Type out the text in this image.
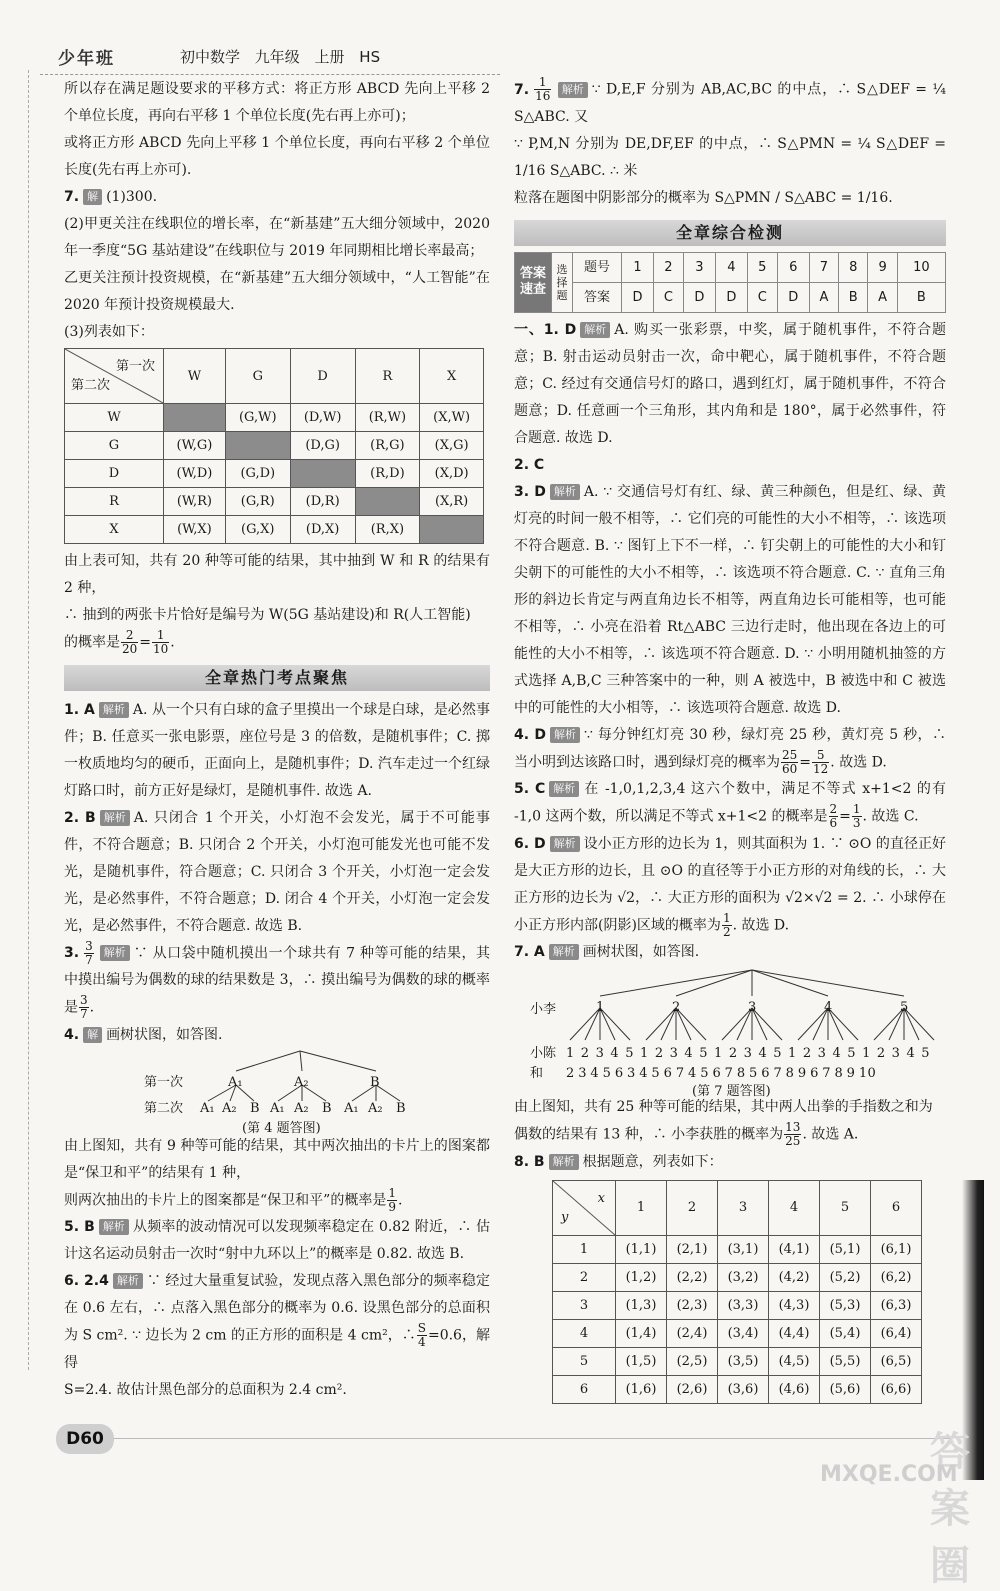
少年班	初中数学 九年级 上册 HS

所以存在满足题设要求的平移方式：将正方形 ABCD 先向上平移 2 个单位长度，再向右平移 1 个单位长度(先右再上亦可)；

或将正方形 ABCD 先向上平移 1 个单位长度，再向右平移 2 个单位长度(先右再上亦可).

7. 解 (1)300.

(2)甲更关注在线职位的增长率，在“新基建”五大细分领域中，2020 年一季度“5G 基站建设”在线职位与 2019 年同期相比增长率最高；

乙更关注预计投资规模，在“新基建”五大细分领域中，“人工智能”在 2020 年预计投资规模最大.

(3)列表如下：

第一次
第二次	W	G	D	R	X
W		(G,W)	(D,W)	(R,W)	(X,W)
G	(W,G)		(D,G)	(R,G)	(X,G)
D	(W,D)	(G,D)		(R,D)	(X,D)
R	(W,R)	(G,R)	(D,R)		(X,R)
X	(W,X)	(G,X)	(D,X)	(R,X)	

由上表可知，共有 20 种等可能的结果，其中抽到 W 和 R 的结果有 2 种，

∴ 抽到的两张卡片恰好是编号为 W(5G 基站建设)和 R(人工智能)

的概率是 $\frac{2}{20} = \frac{1}{10}$ .

全章热门考点聚焦

1. A 解析 A. 从一个只有白球的盒子里摸出一个球是白球，是必然事件；B. 任意买一张电影票，座位号是 3 的倍数，是随机事件；C. 掷一枚质地均匀的硬币，正面向上，是随机事件；D. 汽车走过一个红绿灯路口时，前方正好是绿灯，是随机事件. 故选 A.

2. B 解析 A. 只闭合 1 个开关，小灯泡不会发光，属于不可能事件，不符合题意；B. 只闭合 2 个开关，小灯泡可能发光也可能不发光，是随机事件，符合题意；C. 只闭合 3 个开关，小灯泡一定会发光，是必然事件，不符合题意；D. 闭合 4 个开关，小灯泡一定会发光，是必然事件，不符合题意. 故选 B.

3. $\frac{3}{7}$ 解析 ∵ 从口袋中随机摸出一个球共有 7 种等可能的结果，其中摸出编号为偶数的球的结果数是 3，∴ 摸出编号为偶数的球的概率是 $\frac{3}{7}$ .

4. 解 画树状图，如答图.

第一次
第二次
A₁	A₂	B
A₁ A₂ B A₁ A₂ B A₁ A₂ B
(第 4 题答图)

由上图知，共有 9 种等可能的结果，其中两次抽出的卡片上的图案都是“保卫和平”的结果有 1 种，

则两次抽出的卡片上的图案都是“保卫和平”的概率是 $\frac{1}{9}$ .

5. B 解析 从频率的波动情况可以发现频率稳定在 0.82 附近，∴ 估计这名运动员射击一次时“射中九环以上”的概率是 0.82. 故选 B.

6. 2.4 解析 ∵ 经过大量重复试验，发现点落入黑色部分的频率稳定在 0.6 左右，∴ 点落入黑色部分的概率为 0.6. 设黑色部分的总面积为 S cm². ∵ 边长为 2 cm 的正方形的面积是 4 cm²，∴ $\frac{S}{4} =0.6$，解得

S=2.4. 故估计黑色部分的总面积为 2.4 cm².

7. $\frac{1}{16}$ 解析 ∵ D,E,F 分别为 AB,AC,BC 的中点，∴ S△DEF = ¼ S△ABC. 又

∵ P,M,N 分别为 DE,DF,EF 的中点，∴ S△PMN = ¼ S△DEF = 1/16 S△ABC. ∴ 米

粒落在题图中阴影部分的概率为 S△PMN / S△ABC = 1/16.

全章综合检测
答案速查	选择题	题号	1	2	3	4	5	6	7	8	9	10
		答案	D	C	D	D	C	D	A	B	A	B

一、1. D 解析 A. 购买一张彩票，中奖，属于随机事件，不符合题意；B. 射击运动员射击一次，命中靶心，属于随机事件，不符合题意；C. 经过有交通信号灯的路口，遇到红灯，属于随机事件，不符合题意；D. 任意画一个三角形，其内角和是 180°，属于必然事件，符合题意. 故选 D.

2. C

3. D 解析 A. ∵ 交通信号灯有红、绿、黄三种颜色，但是红、绿、黄灯亮的时间一般不相等，∴ 它们亮的可能性的大小不相等，∴ 该选项不符合题意. B. ∵ 图钉上下不一样，∴ 钉尖朝上的可能性的大小和钉尖朝下的可能性的大小不相等，∴ 该选项不符合题意. C. ∵ 直角三角形的斜边长肯定与两直角边长不相等，两直角边长可能相等，也可能不相等，∴ 小亮在沿着 Rt△ABC 三边行走时，他出现在各边上的可能性的大小不相等，∴ 该选项不符合题意. D. ∵ 小明用随机抽签的方式选择 A,B,C 三种答案中的一种，则 A 被选中，B 被选中和 C 被选中的可能性的大小相等，∴ 该选项符合题意. 故选 D.

4. D 解析 ∵ 每分钟红灯亮 30 秒，绿灯亮 25 秒，黄灯亮 5 秒，∴ 当小明到达该路口时，遇到绿灯亮的概率为 $\frac{25}{60} = \frac{5}{12}$ . 故选 D.

5. C 解析 在 -1,0,1,2,3,4 这六个数中，满足不等式 x+1<2 的有 -1,0 这两个数，所以满足不等式 x+1<2 的概率是 $\frac{2}{6} = \frac{1}{3}$ . 故选 C.

6. D 解析 设小正方形的边长为 1，则其面积为 1. ∵ ⊙O 的直径正好是大正方形的边长，且 ⊙O 的直径等于小正方形的对角线的长，∴ 大正方形的边长为 √2，∴ 大正方形的面积为 √2×√2 = 2. ∴ 小球停在小正方形内部(阴影)区域的概率为 $\frac{1}{2}$ . 故选 D.

7. A 解析 画树状图，如答图.

小李	1	2	3	4	5
小陈 1 2 3 4 5 1 2 3 4 5 1 2 3 4 5 1 2 3 4 5 1 2 3 4 5
和 2 3 4 5 6 3 4 5 6 7 4 5 6 7 8 5 6 7 8 9 6 7 8 9 10
(第 7 题答图)

由上图知，共有 25 种等可能的结果，其中两人出拳的手指数之和为

偶数的结果有 13 种，∴ 小李获胜的概率为 $\frac{13}{25}$ . 故选 A.

8. B 解析 根据题意，列表如下：

x
y	1	2	3	4	5	6
1	(1,1)	(2,1)	(3,1)	(4,1)	(5,1)	(6,1)
2	(1,2)	(2,2)	(3,2)	(4,2)	(5,2)	(6,2)
3	(1,3)	(2,3)	(3,3)	(4,3)	(5,3)	(6,3)
4	(1,4)	(2,4)	(3,4)	(4,4)	(5,4)	(6,4)
5	(1,5)	(2,5)	(3,5)	(4,5)	(5,5)	(6,5)
6	(1,6)	(2,6)	(3,6)	(4,6)	(5,6)	(6,6)
D60	答案圈
MXQE.COM
